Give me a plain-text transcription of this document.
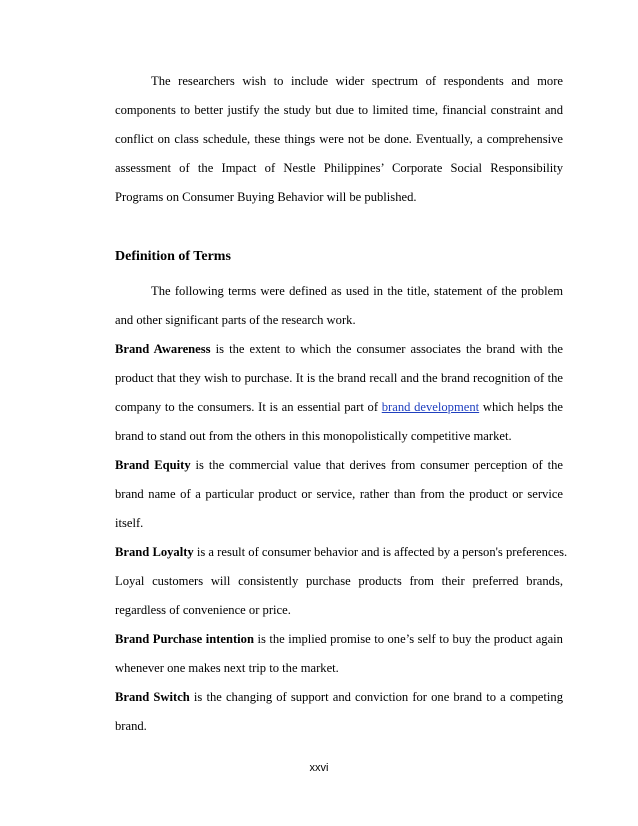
The researchers wish to include wider spectrum of respondents and more
components to better justify the study but due to limited time, financial constraint and
conflict on class schedule, these things were not be done. Eventually, a comprehensive
assessment of the Impact of Nestle Philippines’ Corporate Social Responsibility
Programs on Consumer Buying Behavior will be published.
Definition of Terms
The following terms were defined as used in the title, statement of the problem
and other significant parts of the research work.
Brand Awareness is the extent to which the consumer associates the brand with the
product that they wish to purchase. It is the brand recall and the brand recognition of the
company to the consumers. It is an essential part of brand development which helps the
brand to stand out from the others in this monopolistically competitive market.
Brand Equity is the commercial value that derives from consumer perception of the
brand name of a particular product or service, rather than from the product or service
itself.
Brand Loyalty is a result of consumer behavior and is affected by a person's preferences.
Loyal customers will consistently purchase products from their preferred brands,
regardless of convenience or price.
Brand Purchase intention is the implied promise to one’s self to buy the product again
whenever one makes next trip to the market.
Brand Switch is the changing of support and conviction for one brand to a competing
brand.
xxvi
